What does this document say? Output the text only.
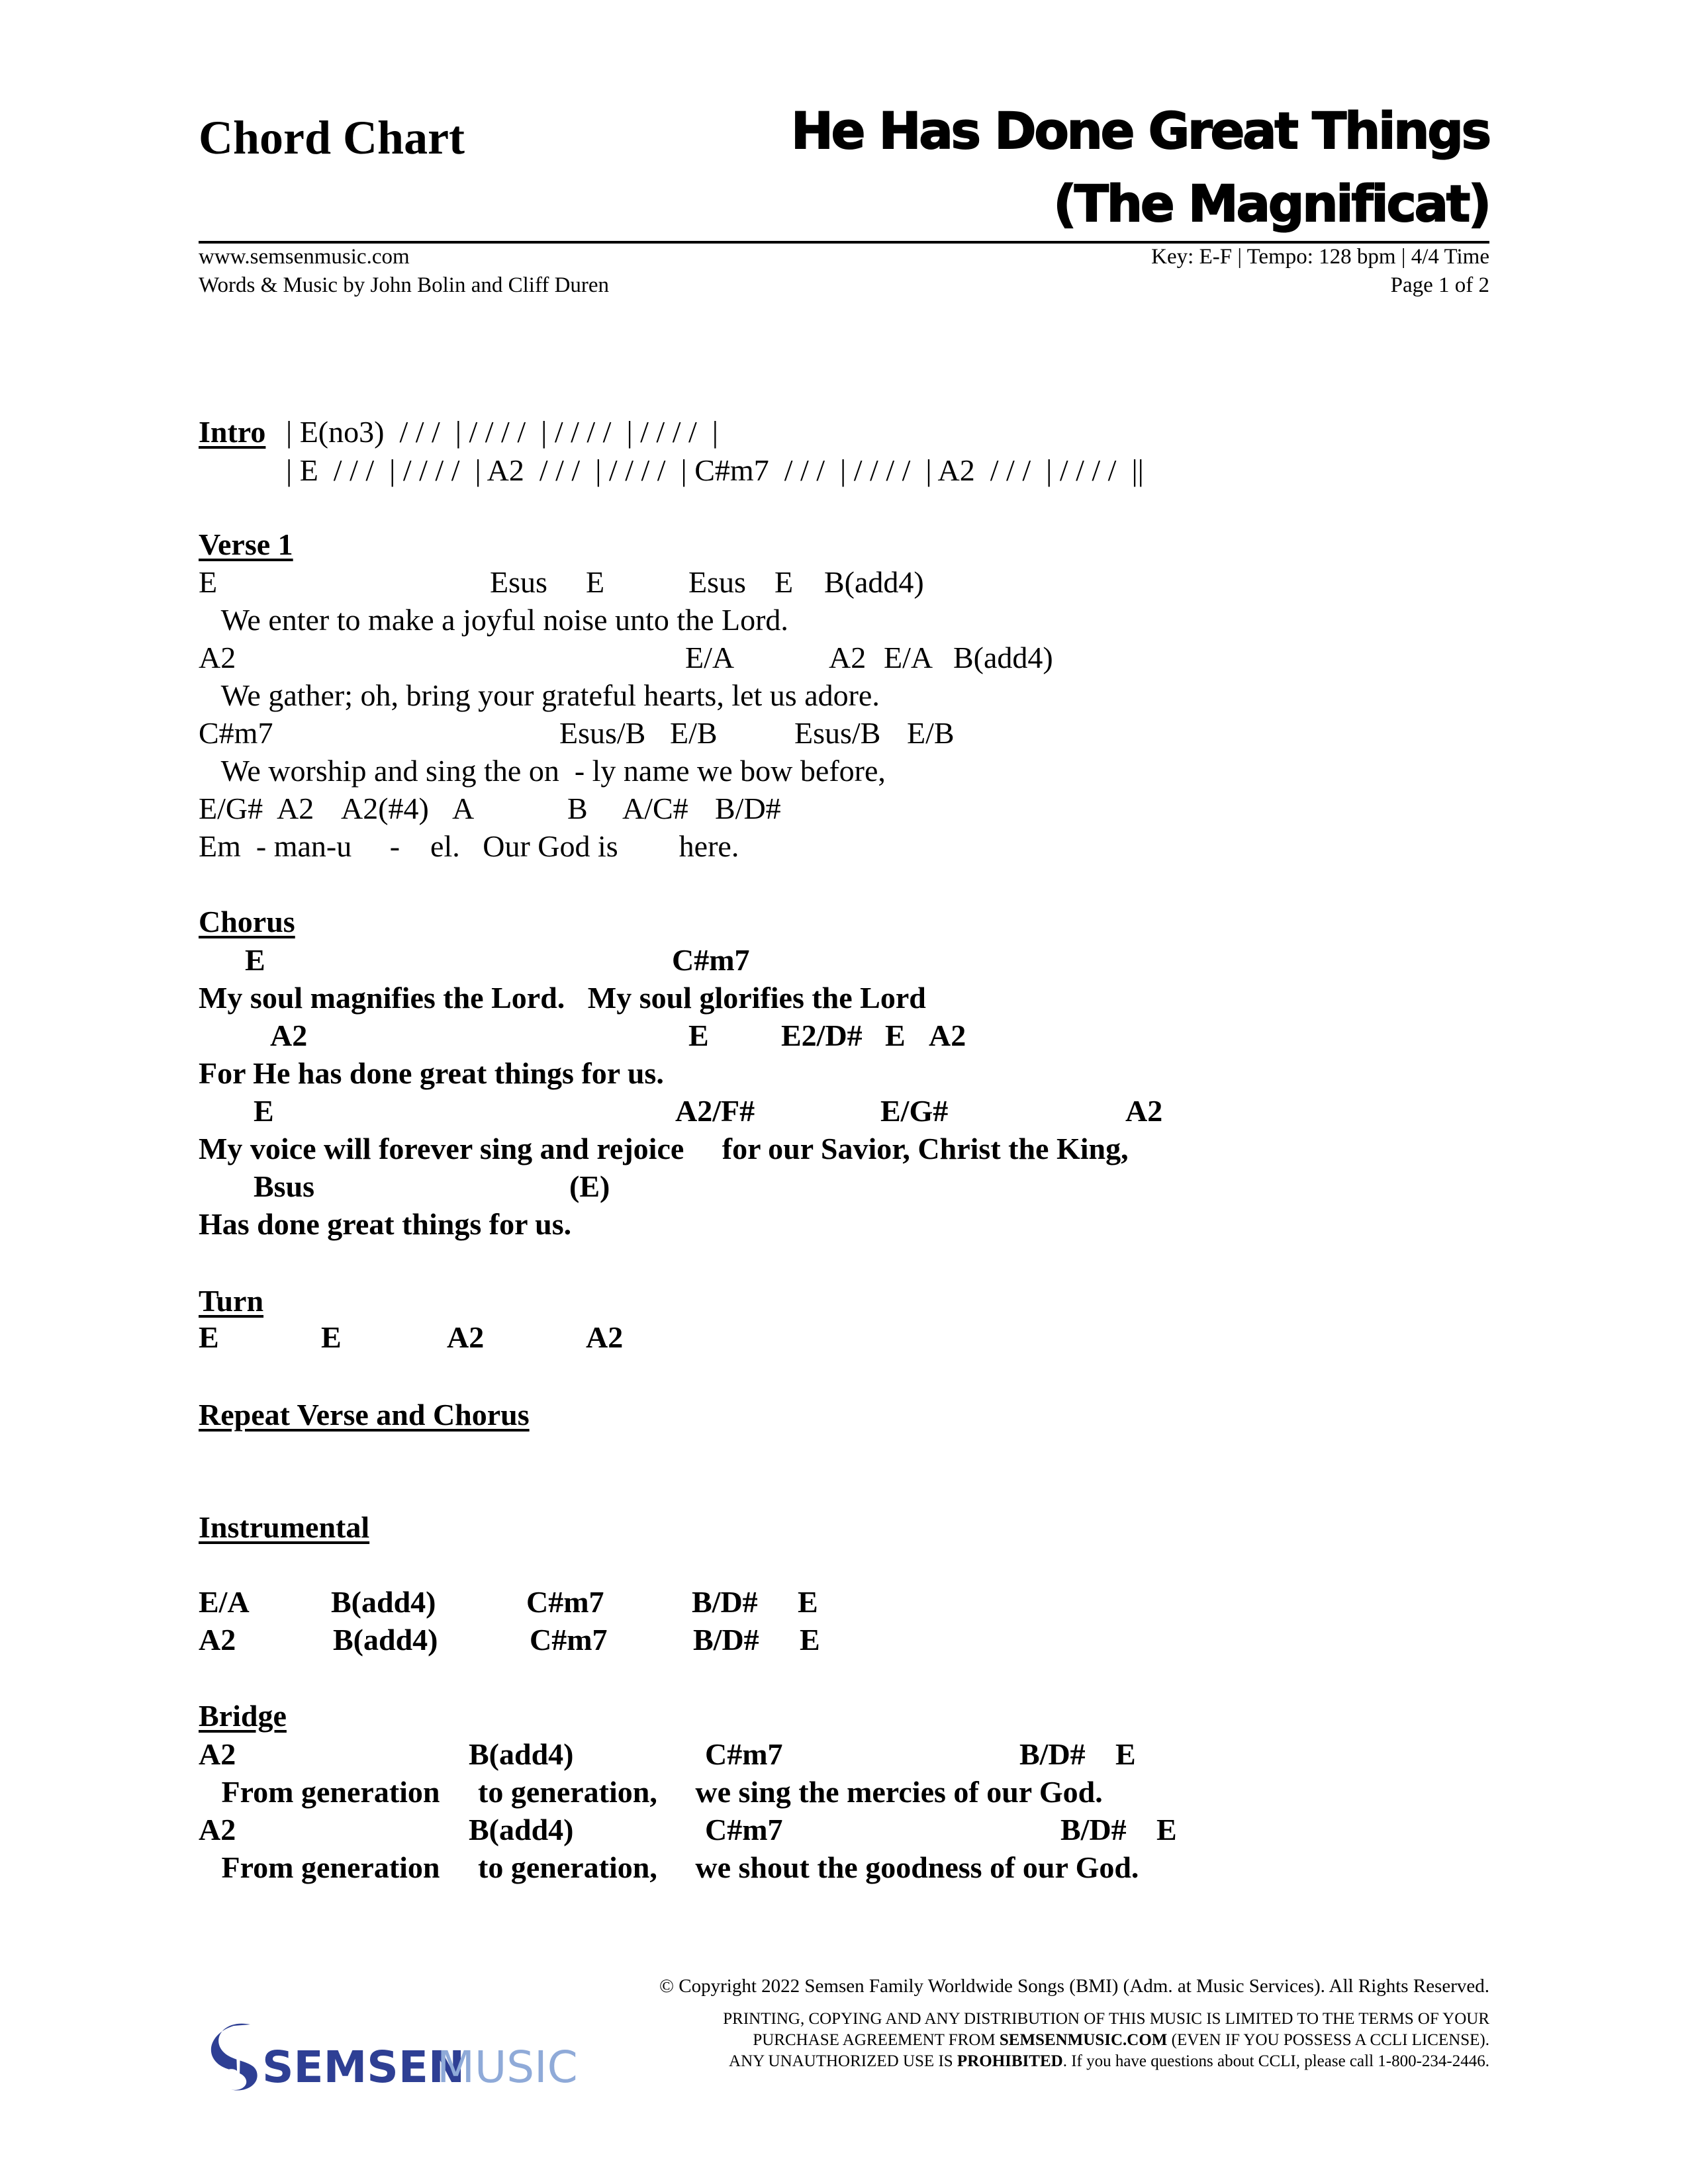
Chord Chart	He Has Done Great Things
(The Magnificat)
www.semsenmusic.com
Words & Music by John Bolin and Cliff Duren
Key: E-F | Tempo: 128 bpm | 4/4 Time
Page 1 of 2
Intro | E(no3)  / / /  | / / / /  | / / / /  | / / / /  |
| E  / / /  | / / / /  | A2  / / /  | / / / /  | C#m7  / / /  | / / / /  | A2  / / /  | / / / /  ||
Verse 1
Chorus
Turn
Repeat Verse and Chorus
Instrumental
Bridge
© Copyright 2022 Semsen Family Worldwide Songs (BMI) (Adm. at Music Services). All Rights Reserved.
PRINTING, COPYING AND ANY DISTRIBUTION OF THIS MUSIC IS LIMITED TO THE TERMS OF YOUR
PURCHASE AGREEMENT FROM SEMSENMUSIC.COM (EVEN IF YOU POSSESS A CCLI LICENSE).
ANY UNAUTHORIZED USE IS PROHIBITED. If you have questions about CCLI, please call 1-800-234-2446.

SEMSEN
MUSIC

E	Esus E	Esus E B(add4)
We enter to make a joyful noise unto the Lord.
A2	E/A	A2 E/A B(add4)
We gather; oh, bring your grateful hearts, let us adore.
C#m7	Esus/B E/B	Esus/B E/B
We worship and sing the on  - ly name we bow before,
E/G# A2 A2(#4) A	B A/C# B/D#
Em  - man-u     -    el.   Our God is        here.
E	C#m7
My soul magnifies the Lord.   My soul glorifies the Lord
A2	E E2/D# E A2
For He has done great things for us.
E	A2/F#	E/G#	A2
My voice will forever sing and rejoice     for our Savior, Christ the King,
Bsus	(E)
Has done great things for us.
A2	B(add4)	C#m7	B/D# E
From generation     to generation,     we sing the mercies of our God.
A2	B(add4)	C#m7	B/D# E
From generation     to generation,     we shout the goodness of our God.
E	E	A2	A2
E/A	B(add4)	C#m7	B/D# E
A2	B(add4)	C#m7	B/D# E
